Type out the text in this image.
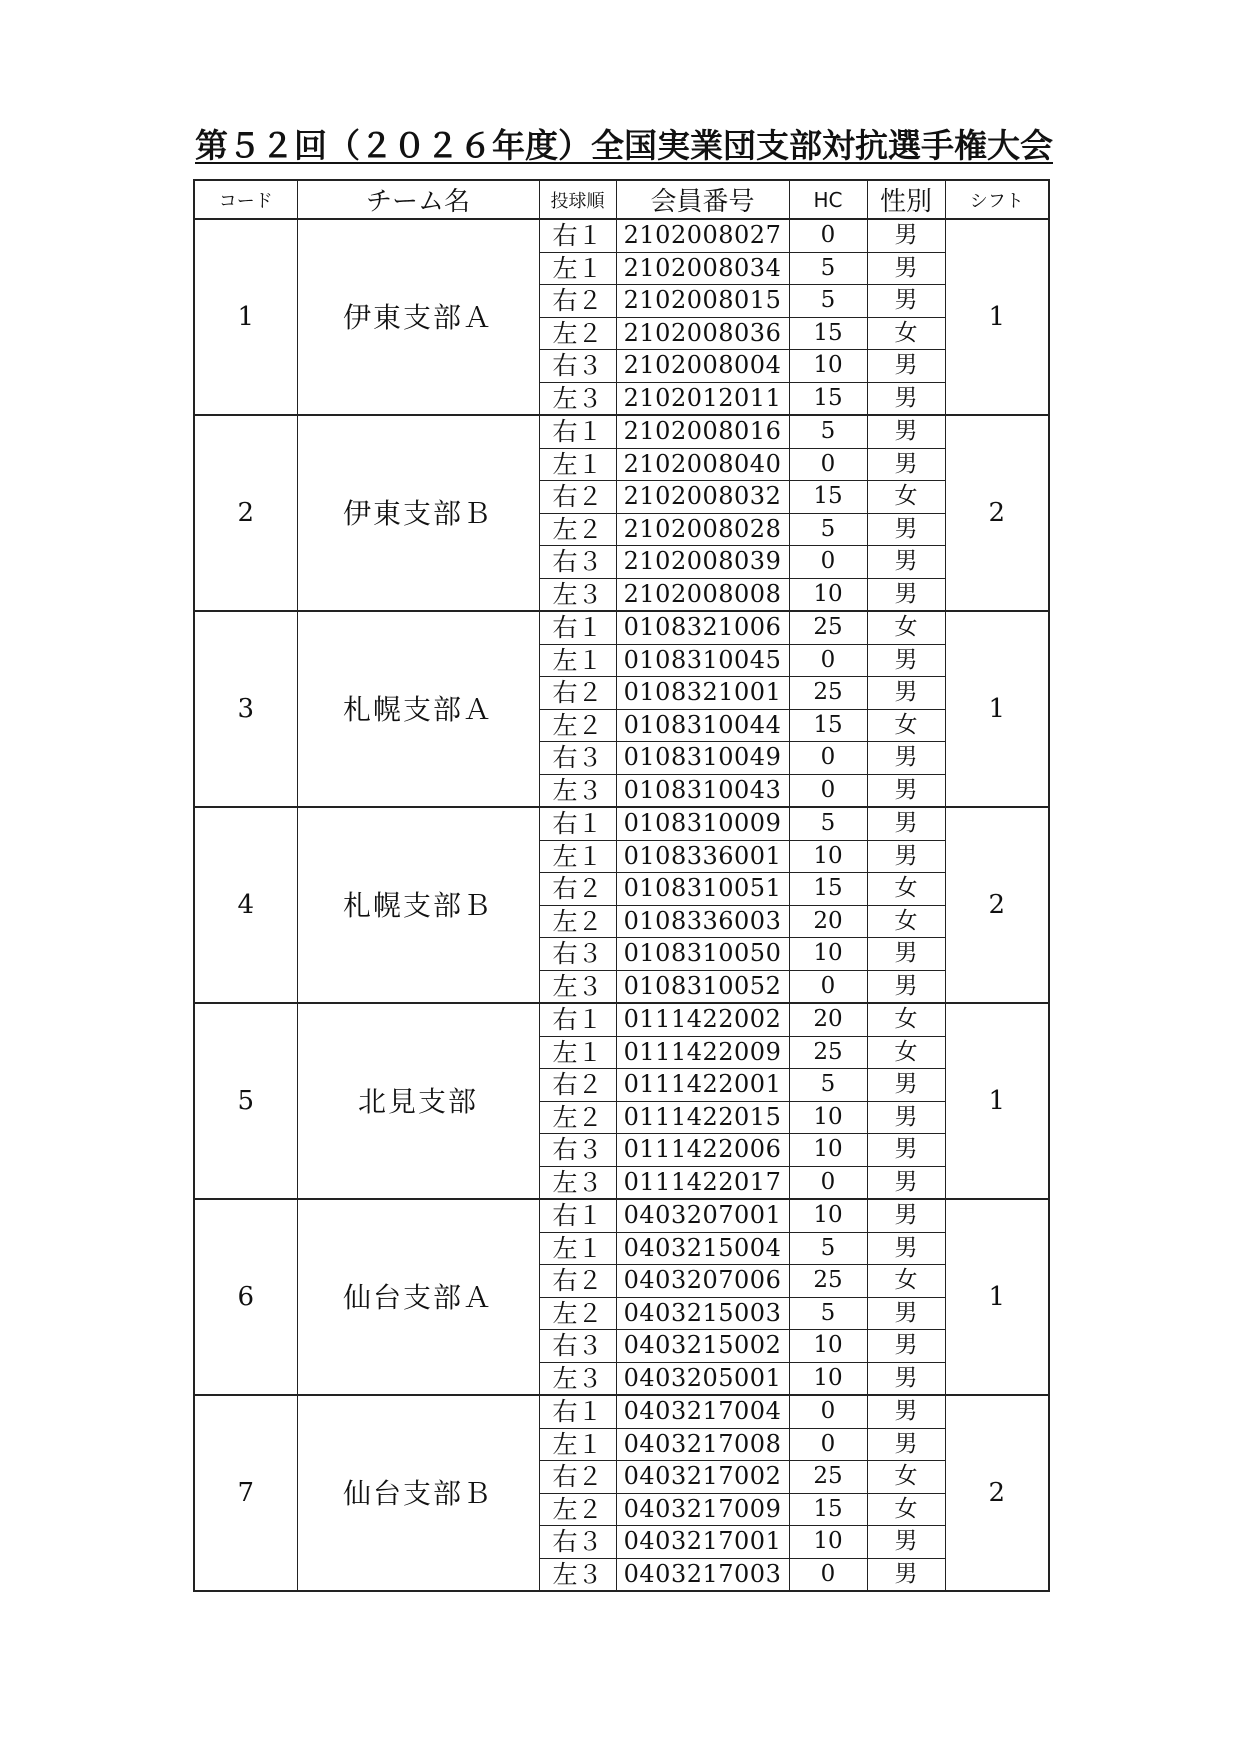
第５２回（２０２６年度）全国実業団支部対抗選手権大会
コード	チーム名	投球順	会員番号	HC	性別	シフト
1	伊東支部Ａ	右１	2102008027	0	男	1
		左１	2102008034	5	男	
		右２	2102008015	5	男	
		左２	2102008036	15	女	
		右３	2102008004	10	男	
		左３	2102012011	15	男	
2	伊東支部Ｂ	右１	2102008016	5	男	2
		左１	2102008040	0	男	
		右２	2102008032	15	女	
		左２	2102008028	5	男	
		右３	2102008039	0	男	
		左３	2102008008	10	男	
3	札幌支部Ａ	右１	0108321006	25	女	1
		左１	0108310045	0	男	
		右２	0108321001	25	男	
		左２	0108310044	15	女	
		右３	0108310049	0	男	
		左３	0108310043	0	男	
4	札幌支部Ｂ	右１	0108310009	5	男	2
		左１	0108336001	10	男	
		右２	0108310051	15	女	
		左２	0108336003	20	女	
		右３	0108310050	10	男	
		左３	0108310052	0	男	
5	北見支部	右１	0111422002	20	女	1
		左１	0111422009	25	女	
		右２	0111422001	5	男	
		左２	0111422015	10	男	
		右３	0111422006	10	男	
		左３	0111422017	0	男	
6	仙台支部Ａ	右１	0403207001	10	男	1
		左１	0403215004	5	男	
		右２	0403207006	25	女	
		左２	0403215003	5	男	
		右３	0403215002	10	男	
		左３	0403205001	10	男	
7	仙台支部Ｂ	右１	0403217004	0	男	2
		左１	0403217008	0	男	
		右２	0403217002	25	女	
		左２	0403217009	15	女	
		右３	0403217001	10	男	
		左３	0403217003	0	男	
